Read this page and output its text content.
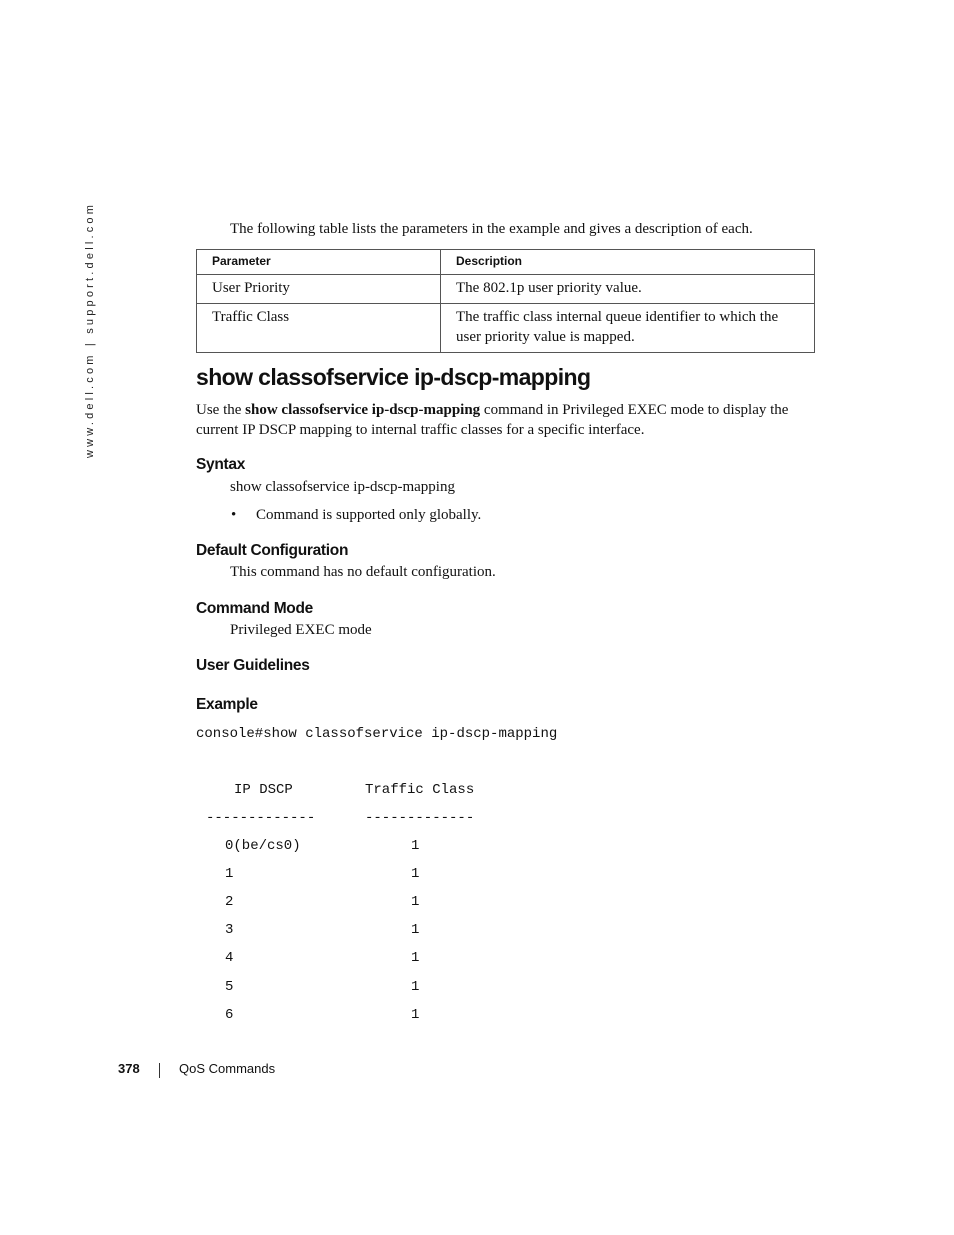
www.dell.com | support.dell.com	The following table lists the parameters in the example and gives a description of each.
Parameter	Description
User Priority	The 802.1p user priority value.
Traffic Class	The traffic class internal queue identifier to which the user priority value is mapped.
show classofservice ip-dscp-mapping
Use the show classofservice ip-dscp-mapping command in Privileged EXEC mode to display the current IP DSCP mapping to internal traffic classes for a specific interface.
Syntax
show classofservice ip-dscp-mapping
• Command is supported only globally.
Default Configuration
This command has no default configuration.
Command Mode
Privileged EXEC mode
User Guidelines
Example
console#show classofservice ip-dscp-mapping
IP DSCP	Traffic Class
-------------	-------------
0(be/cs0)	1
1	1
2	1
3	1
4	1
5	1
6	1
378	QoS Commands
